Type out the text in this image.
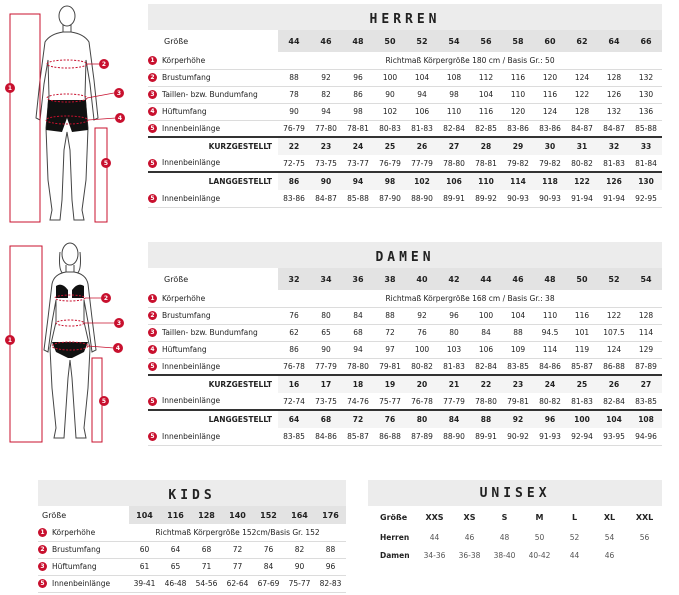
1
2
3
4
5
1
2
3
4
5
HERREN												
Größe	44	46	48	50	52	54	56	58	60	62	64	66
1 Körperhöhe	Richtmaß Körpergröße 180 cm / Basis Gr.: 50											
2 Brustumfang	88	92	96	100	104	108	112	116	120	124	128	132
3 Taillen- bzw. Bundumfang	78	82	86	90	94	98	104	110	116	122	126	130
4 Hüftumfang	90	94	98	102	106	110	116	120	124	128	132	136
5 Innenbeinlänge	76-79	77-80	78-81	80-83	81-83	82-84	82-85	83-86	83-86	84-87	84-87	85-88
KURZGESTELLT	22	23	24	25	26	27	28	29	30	31	32	33
5 Innenbeinlänge	72-75	73-75	73-77	76-79	77-79	78-80	78-81	79-82	79-82	80-82	81-83	81-84
LANGGESTELLT	86	90	94	98	102	106	110	114	118	122	126	130
5 Innenbeinlänge	83-86	84-87	85-88	87-90	88-90	89-91	89-92	90-93	90-93	91-94	91-94	92-95
DAMEN												
Größe	32	34	36	38	40	42	44	46	48	50	52	54
1 Körperhöhe	Richtmaß Körpergröße 168 cm / Basis Gr.: 38											
2 Brustumfang	76	80	84	88	92	96	100	104	110	116	122	128
3 Taillen- bzw. Bundumfang	62	65	68	72	76	80	84	88	94.5	101	107.5	114
4 Hüftumfang	86	90	94	97	100	103	106	109	114	119	124	129
5 Innenbeinlänge	76-78	77-79	78-80	79-81	80-82	81-83	82-84	83-85	84-86	85-87	86-88	87-89
KURZGESTELLT	16	17	18	19	20	21	22	23	24	25	26	27
5 Innenbeinlänge	72-74	73-75	74-76	75-77	76-78	77-79	78-80	79-81	80-82	81-83	82-84	83-85
LANGGESTELLT	64	68	72	76	80	84	88	92	96	100	104	108
5 Innenbeinlänge	83-85	84-86	85-87	86-88	87-89	88-90	89-91	90-92	91-93	92-94	93-95	94-96
KIDS							
Größe	104	116	128	140	152	164	176
1 Körperhöhe	Richtmaß Körpergröße 152cm/Basis Gr. 152						
2 Brustumfang	60	64	68	72	76	82	88
3 Hüftumfang	61	65	71	77	84	90	96
5 Innenbeinlänge	39-41	46-48	54-56	62-64	67-69	75-77	82-83
UNISEX							
Größe	XXS	XS	S	M	L	XL	XXL
Herren	44	46	48	50	52	54	56
Damen	34-36	36-38	38-40	40-42	44	46	
